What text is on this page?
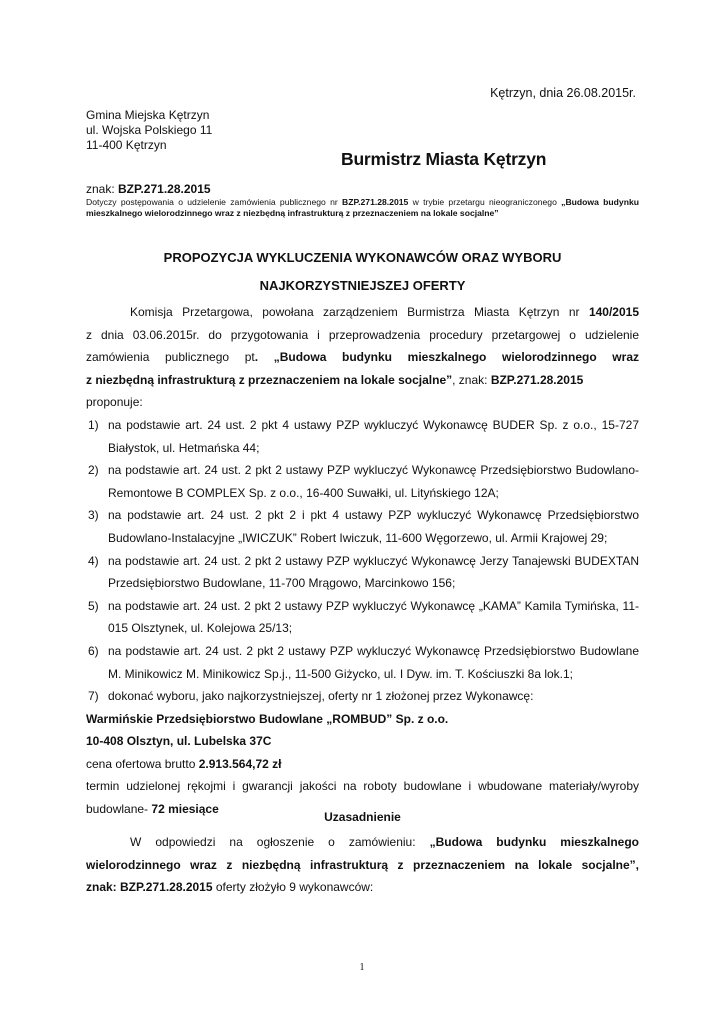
Kętrzyn, dnia 26.08.2015r.
Gmina Miejska Kętrzyn
ul. Wojska Polskiego 11
11-400 Kętrzyn
Burmistrz Miasta Kętrzyn
znak: BZP.271.28.2015
Dotyczy postępowania o udzielenie zamówienia publicznego nr BZP.271.28.2015 w trybie przetargu nieograniczonego „Budowa budynku mieszkalnego wielorodzinnego wraz z niezbędną infrastrukturą z przeznaczeniem na lokale socjalne”
PROPOZYCJA WYKLUCZENIA WYKONAWCÓW ORAZ WYBORU
NAJKORZYSTNIEJSZEJ OFERTY
Komisja Przetargowa, powołana zarządzeniem Burmistrza Miasta Kętrzyn nr 140/2015
z dnia 03.06.2015r. do przygotowania i przeprowadzenia procedury przetargowej o udzielenie
zamówienia publicznego pt. „Budowa budynku mieszkalnego wielorodzinnego wraz
z niezbędną infrastrukturą z przeznaczeniem na lokale socjalne”, znak: BZP.271.28.2015
proponuje:
1) na podstawie art. 24 ust. 2 pkt 4 ustawy PZP wykluczyć Wykonawcę BUDER Sp. z o.o., 15-727
Białystok, ul. Hetmańska 44;
2) na podstawie art. 24 ust. 2 pkt 2 ustawy PZP wykluczyć Wykonawcę Przedsiębiorstwo Budowlano-
Remontowe B COMPLEX Sp. z o.o., 16-400 Suwałki, ul. Lityńskiego 12A;
3) na podstawie art. 24 ust. 2 pkt 2 i pkt 4 ustawy PZP wykluczyć Wykonawcę Przedsiębiorstwo
Budowlano-Instalacyjne „IWICZUK” Robert Iwiczuk, 11-600 Węgorzewo, ul. Armii Krajowej 29;
4) na podstawie art. 24 ust. 2 pkt 2 ustawy PZP wykluczyć Wykonawcę Jerzy Tanajewski BUDEXTAN
Przedsiębiorstwo Budowlane, 11-700 Mrągowo, Marcinkowo 156;
5) na podstawie art. 24 ust. 2 pkt 2 ustawy PZP wykluczyć Wykonawcę „KAMA” Kamila Tymińska, 11-
015 Olsztynek, ul. Kolejowa 25/13;
6) na podstawie art. 24 ust. 2 pkt 2 ustawy PZP wykluczyć Wykonawcę Przedsiębiorstwo Budowlane
M. Minikowicz M. Minikowicz Sp.j., 11-500 Giżycko, ul. I Dyw. im. T. Kościuszki 8a lok.1;
7) dokonać wyboru, jako najkorzystniejszej, oferty nr 1 złożonej przez Wykonawcę:
Warmińskie Przedsiębiorstwo Budowlane „ROMBUD” Sp. z o.o.
10-408 Olsztyn, ul. Lubelska 37C
cena ofertowa brutto 2.913.564,72 zł
termin udzielonej rękojmi i gwarancji jakości na roboty budowlane i wbudowane materiały/wyroby
budowlane- 72 miesiące
Uzasadnienie
W odpowiedzi na ogłoszenie o zamówieniu: „Budowa budynku mieszkalnego
wielorodzinnego wraz z niezbędną infrastrukturą z przeznaczeniem na lokale socjalne”,
znak: BZP.271.28.2015 oferty złożyło 9 wykonawców:
1
